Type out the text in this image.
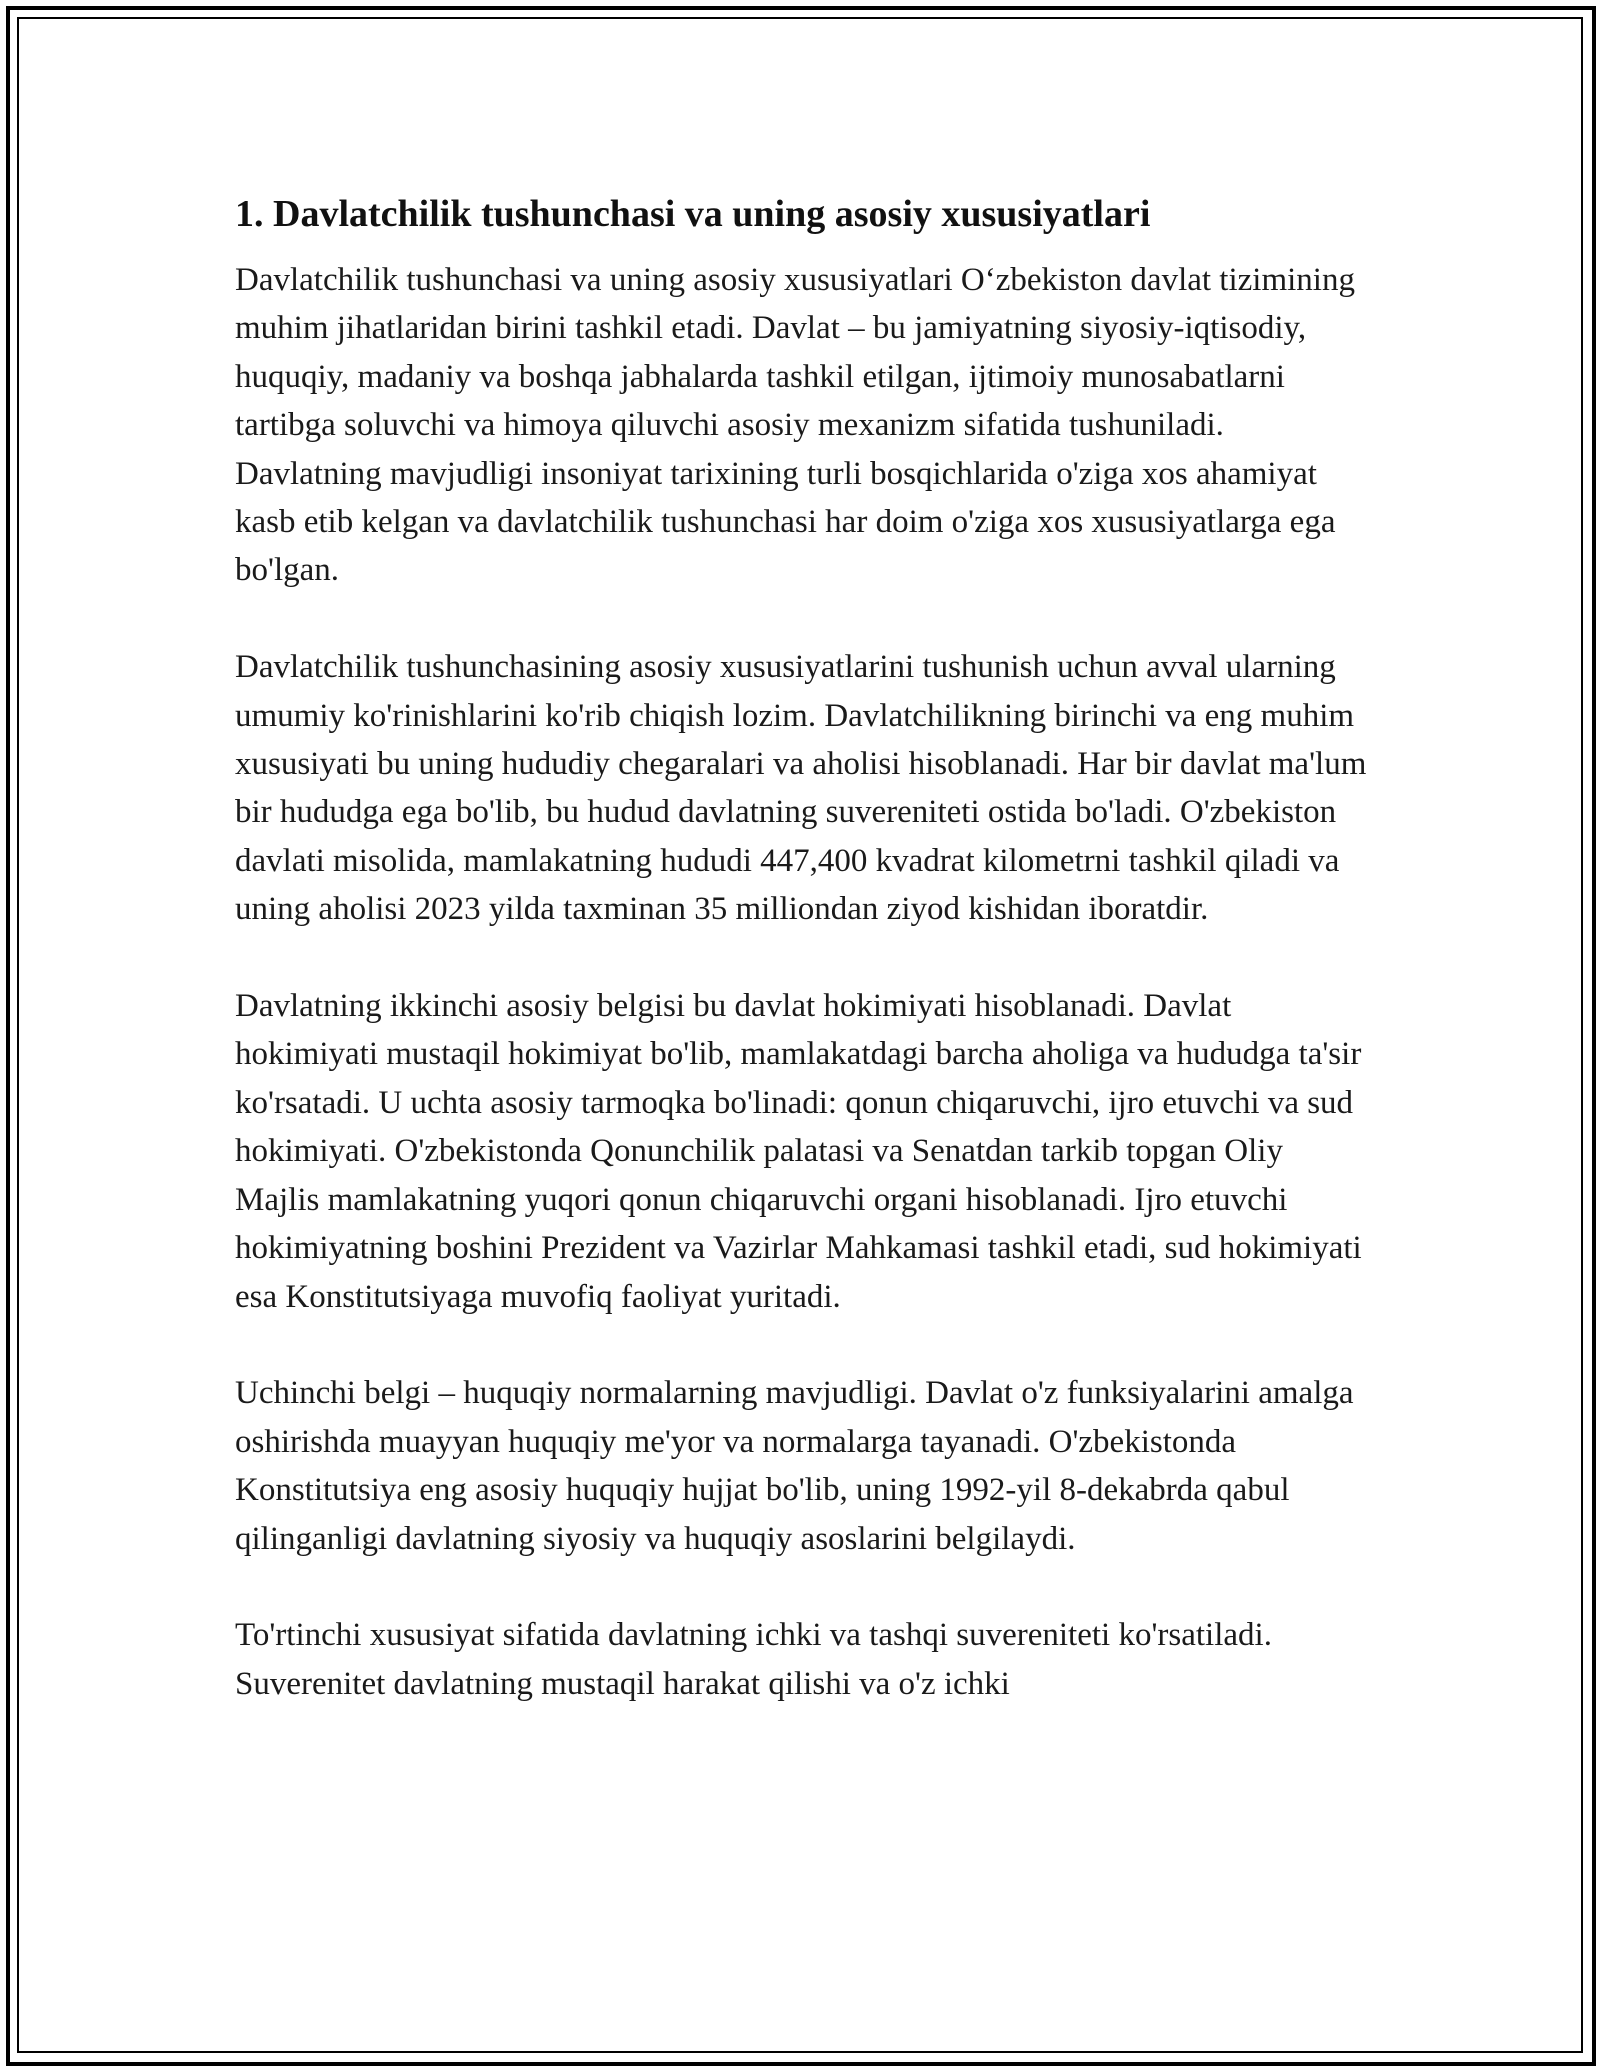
1. Davlatchilik tushunchasi va uning asosiy xususiyatlari

Davlatchilik tushunchasi va uning asosiy xususiyatlari O‘zbekiston davlat tizimining muhim jihatlaridan birini tashkil etadi. Davlat – bu jamiyatning siyosiy-iqtisodiy, huquqiy, madaniy va boshqa jabhalarda tashkil etilgan, ijtimoiy munosabatlarni tartibga soluvchi va himoya qiluvchi asosiy mexanizm sifatida tushuniladi. Davlatning mavjudligi insoniyat tarixining turli bosqichlarida o'ziga xos ahamiyat kasb etib kelgan va davlatchilik tushunchasi har doim o'ziga xos xususiyatlarga ega bo'lgan.

Davlatchilik tushunchasining asosiy xususiyatlarini tushunish uchun avval ularning umumiy ko'rinishlarini ko'rib chiqish lozim. Davlatchilikning birinchi va eng muhim xususiyati bu uning hududiy chegaralari va aholisi hisoblanadi. Har bir davlat ma'lum bir hududga ega bo'lib, bu hudud davlatning suvereniteti ostida bo'ladi. O'zbekiston davlati misolida, mamlakatning hududi 447,400 kvadrat kilometrni tashkil qiladi va uning aholisi 2023 yilda taxminan 35 milliondan ziyod kishidan iboratdir.

Davlatning ikkinchi asosiy belgisi bu davlat hokimiyati hisoblanadi. Davlat hokimiyati mustaqil hokimiyat bo'lib, mamlakatdagi barcha aholiga va hududga ta'sir ko'rsatadi. U uchta asosiy tarmoqka bo'linadi: qonun chiqaruvchi, ijro etuvchi va sud hokimiyati. O'zbekistonda Qonunchilik palatasi va Senatdan tarkib topgan Oliy Majlis mamlakatning yuqori qonun chiqaruvchi organi hisoblanadi. Ijro etuvchi hokimiyatning boshini Prezident va Vazirlar Mahkamasi tashkil etadi, sud hokimiyati esa Konstitutsiyaga muvofiq faoliyat yuritadi.

Uchinchi belgi – huquqiy normalarning mavjudligi. Davlat o'z funksiyalarini amalga oshirishda muayyan huquqiy me'yor va normalarga tayanadi. O'zbekistonda Konstitutsiya eng asosiy huquqiy hujjat bo'lib, uning 1992-yil 8-dekabrda qabul qilinganligi davlatning siyosiy va huquqiy asoslarini belgilaydi.

To'rtinchi xususiyat sifatida davlatning ichki va tashqi suvereniteti ko'rsatiladi. Suverenitet davlatning mustaqil harakat qilishi va o'z ichki
